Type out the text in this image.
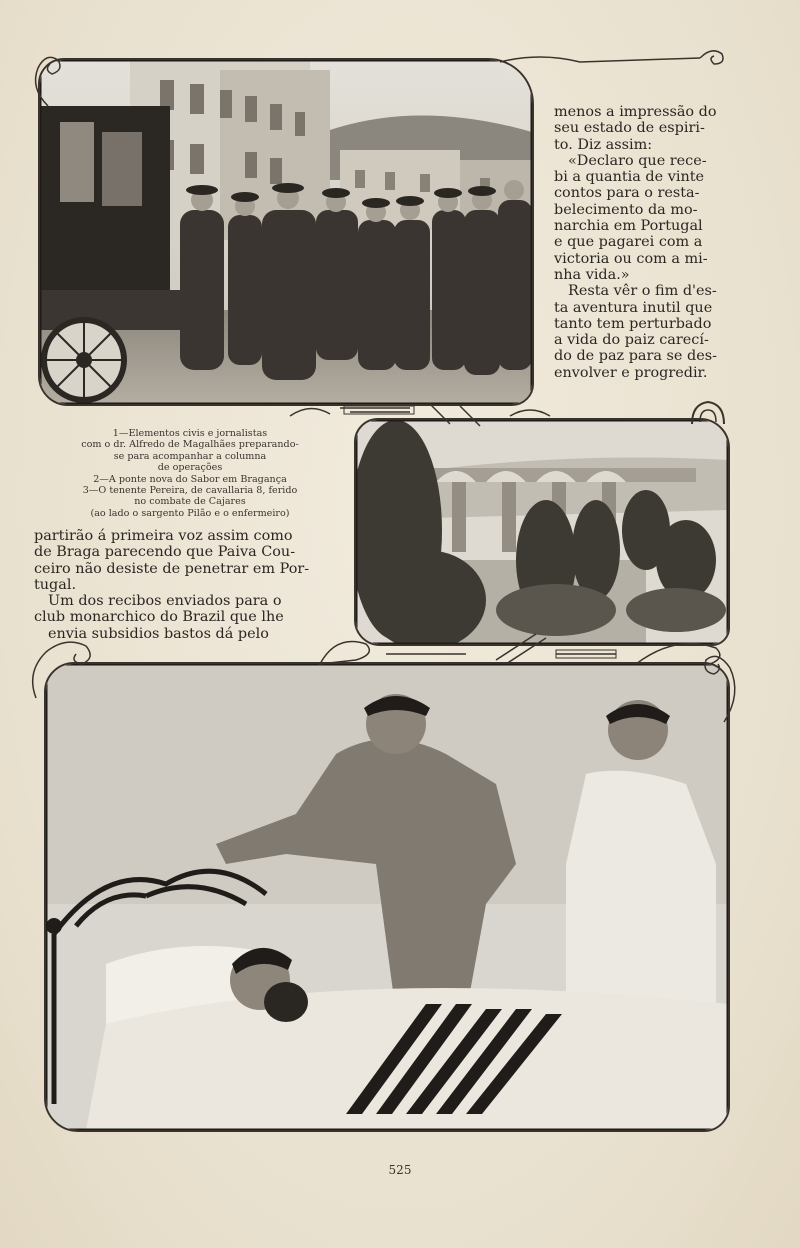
menos a impressão do

seu estado de espiri-

to. Diz assim:

«Declaro que rece-

bi a quantia de vinte

contos para o resta-

belecimento da mo-

narchia em Portugal

e que pagarei com a

victoria ou com a mi-

nha vida.»

Resta vêr o fim d'es-

ta aventura inutil que

tanto tem perturbado

a vida do paiz carecí-

do de paz para se des-

envolver e progredir.

1—Elementos civis e jornalistas
com o dr. Alfredo de Magalhães preparando-
se para acompanhar a columna
de operações
2—A ponte nova do Sabor em Bragança
3—O tenente Pereira, de cavallaria 8, ferido
no combate de Cajares
(ao lado o sargento Pilão e o enfermeiro)

partirão á primeira voz assim como

de Braga parecendo que Paiva Cou-

ceiro não desiste de penetrar em Por-

tugal.

Um dos recibos enviados para o

club monarchico do Brazil que lhe

envia subsidios bastos dá pelo

525
